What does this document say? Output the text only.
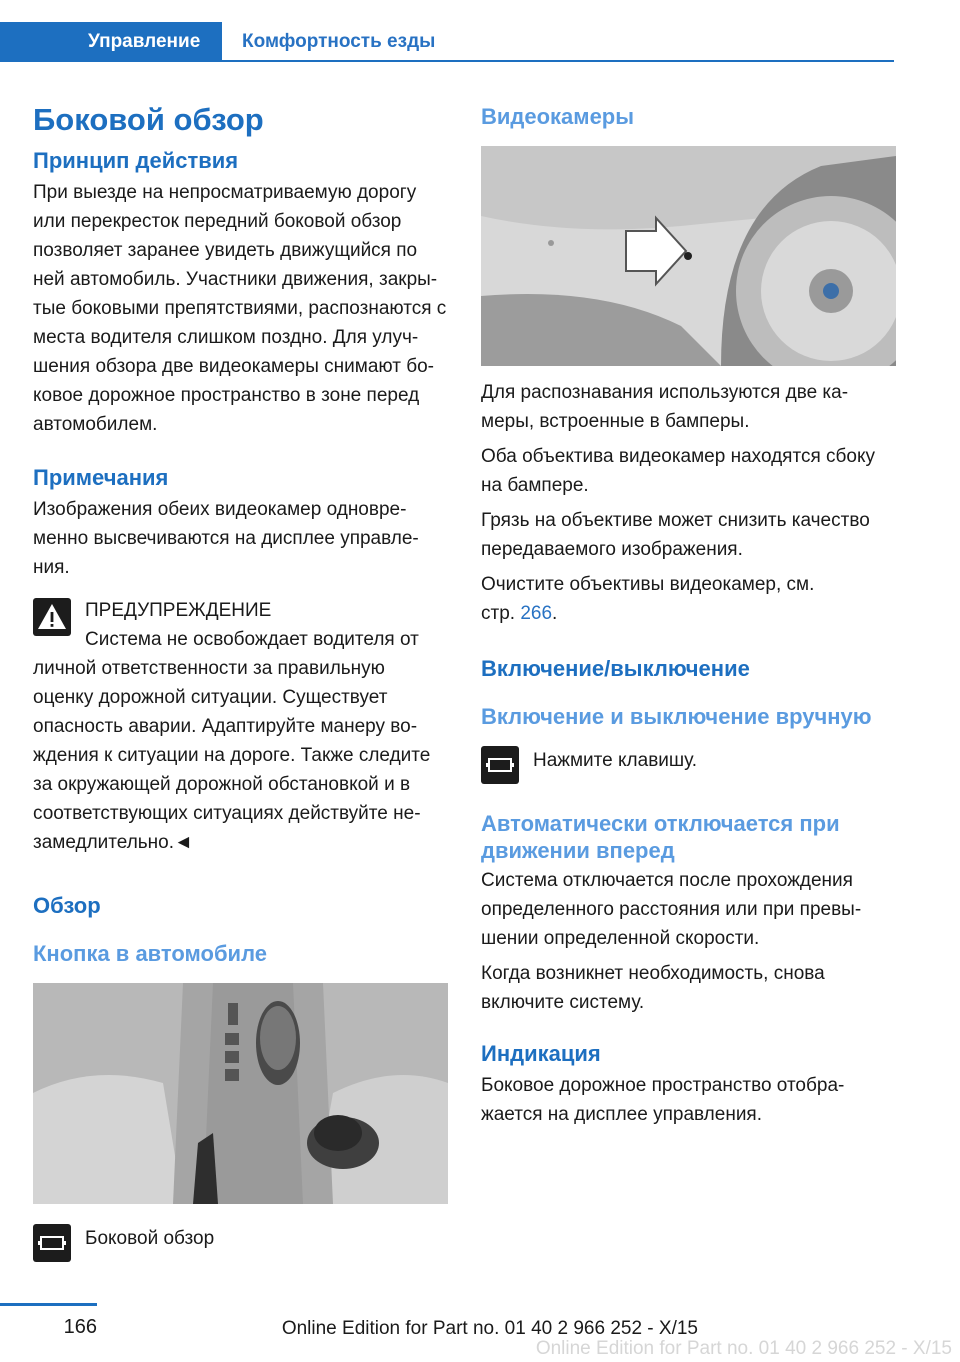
Управление	Комфортность езды
Боковой обзор
Принцип действия
При выезде на непросматриваемую дорогу или перекресток передний боковой обзор позволяет заранее увидеть движущийся по ней автомобиль. Участники движения, закры-тые боковыми препятствиями, распознаются с места водителя слишком поздно. Для улуч-шения обзора две видеокамеры снимают бо-ковое дорожное пространство в зоне перед автомобилем.
Примечания
Изображения обеих видеокамер одновре-менно высвечиваются на дисплее управле-ния.
ПРЕДУПРЕЖДЕНИЕ
Система не освобождает водителя от
личной ответственности за правильную оценку дорожной ситуации. Существует опасность аварии. Адаптируйте манеру во-ждения к ситуации на дороге. Также следите за окружающей дорожной обстановкой и в соответствующих ситуациях действуйте не-замедлительно.◄
Обзор
Кнопка в автомобиле
Боковой обзор
Видеокамеры
Для распознавания используются две ка-меры, встроенные в бамперы.
Оба объектива видеокамер находятся сбоку на бампере.
Грязь на объективе может снизить качество передаваемого изображения.
Очистите объективы видеокамер, см.
стр. 266.
Включение/выключение
Включение и выключение вручную
Нажмите клавишу.
Автоматически отключается при движении вперед
Система отключается после прохождения определенного расстояния или при превы-шении определенной скорости.
Когда возникнет необходимость, снова включите систему.
Индикация
Боковое дорожное пространство отобра-жается на дисплее управления.
166	Online Edition for Part no. 01 40 2 966 252 - X/15
Online Edition for Part no. 01 40 2 966 252 - X/15
